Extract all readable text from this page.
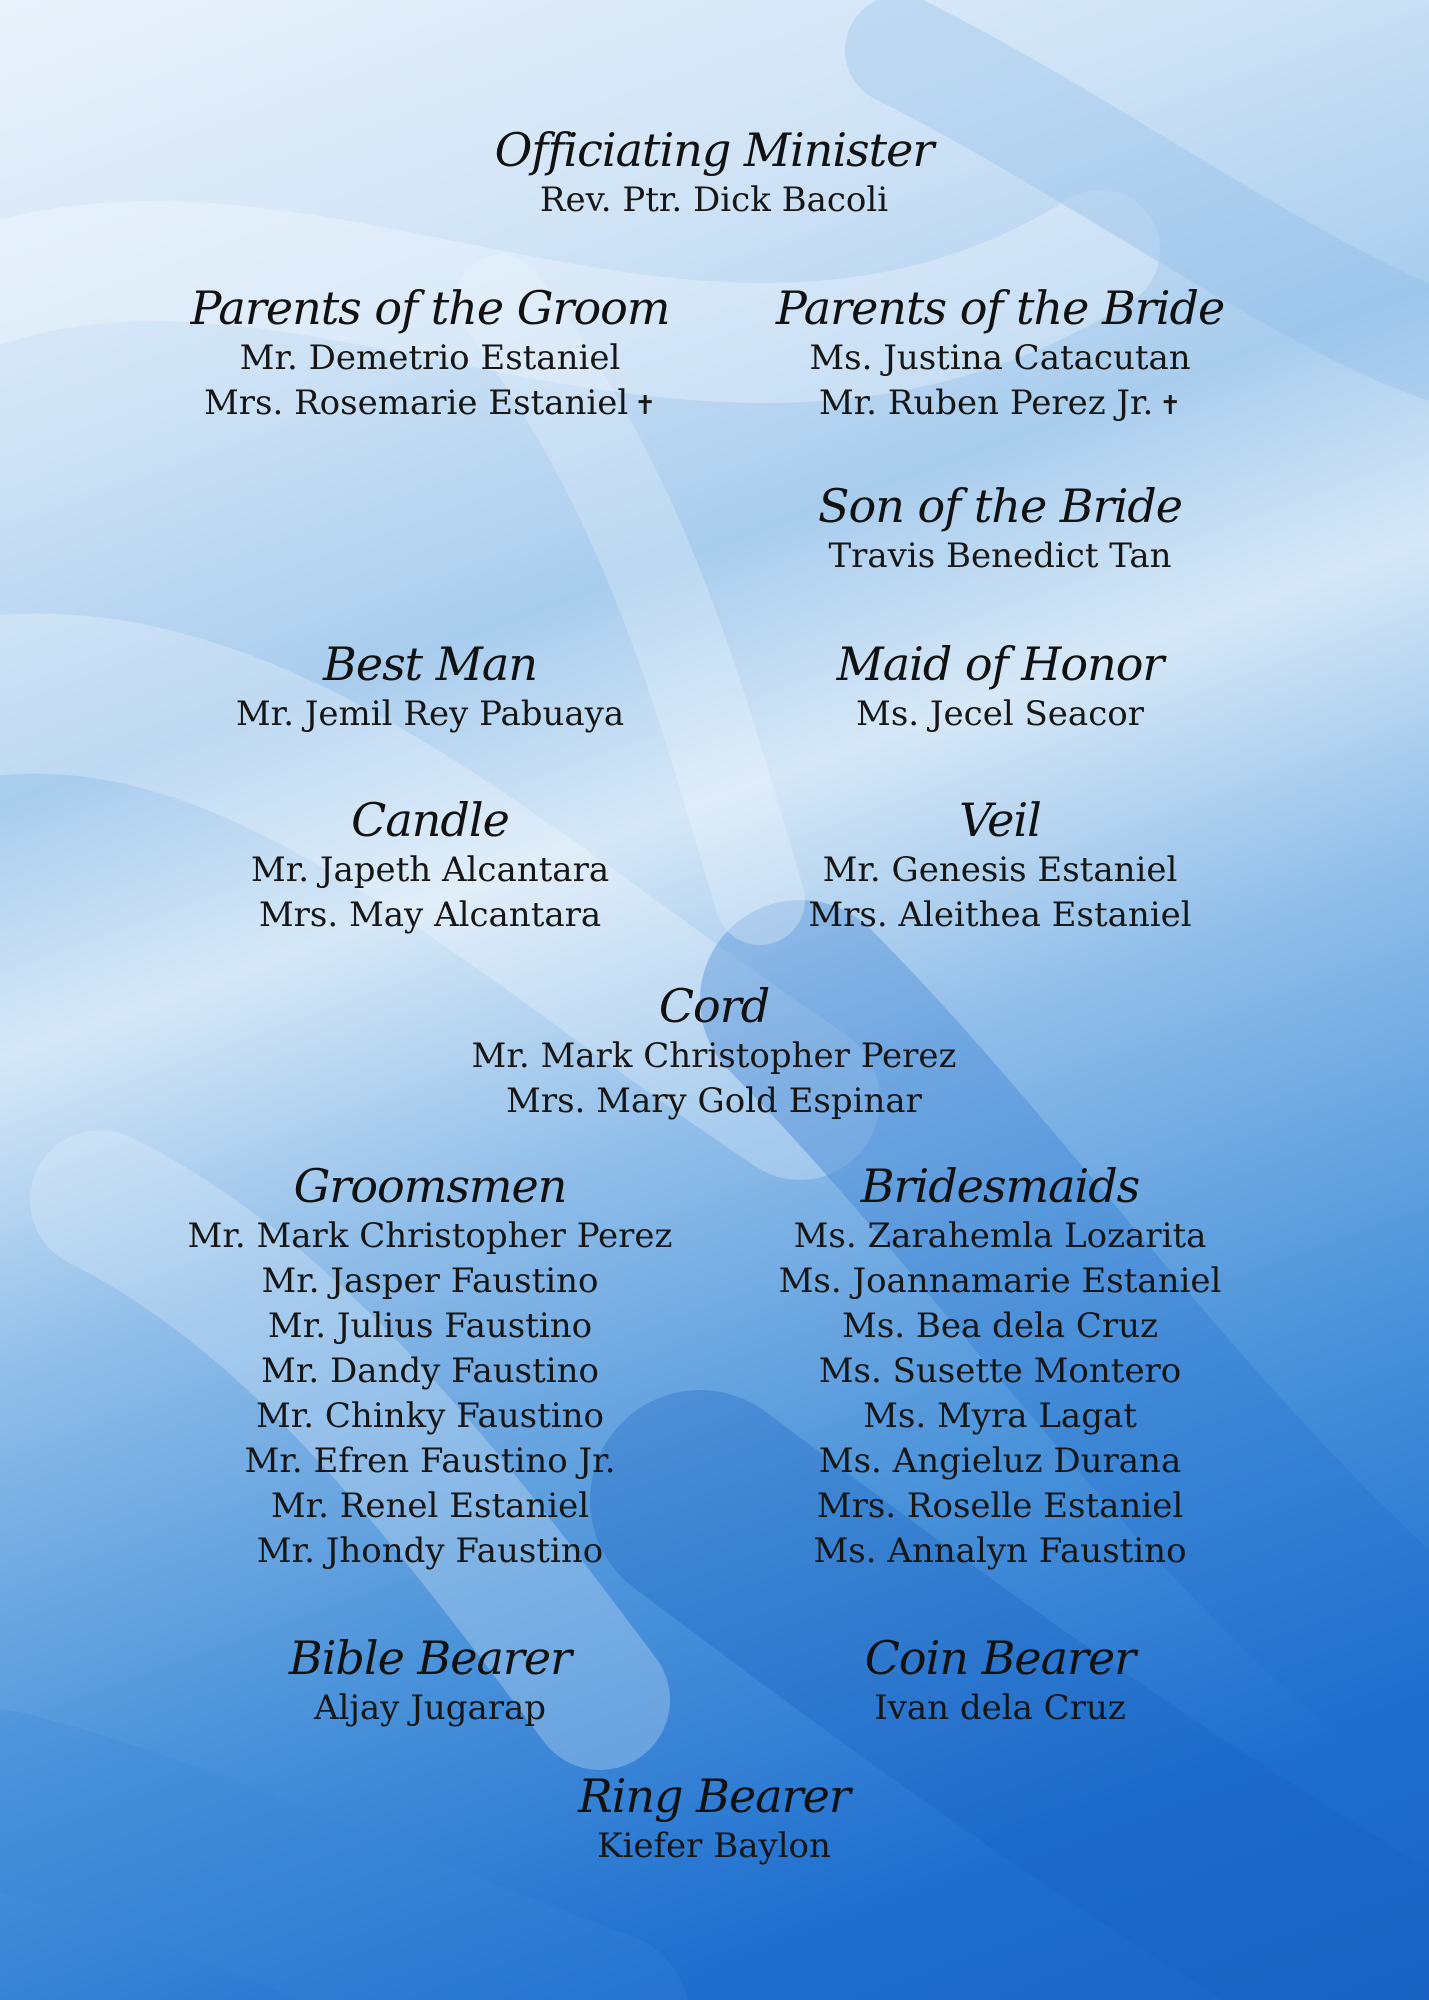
Officiating Minister

Rev. Ptr. Dick Bacoli

Parents of the Groom

Mr. Demetrio Estaniel

Mrs. Rosemarie Estaniel ✝

Parents of the Bride

Ms. Justina Catacutan

Mr. Ruben Perez Jr. ✝

Son of the Bride

Travis Benedict Tan

Best Man

Mr. Jemil Rey Pabuaya

Maid of Honor

Ms. Jecel Seacor

Candle

Mr. Japeth Alcantara

Mrs. May Alcantara

Veil

Mr. Genesis Estaniel

Mrs. Aleithea Estaniel

Cord

Mr. Mark Christopher Perez

Mrs. Mary Gold Espinar

Groomsmen

Mr. Mark Christopher Perez

Mr. Jasper Faustino

Mr. Julius Faustino

Mr. Dandy Faustino

Mr. Chinky Faustino

Mr. Efren Faustino Jr.

Mr. Renel Estaniel

Mr. Jhondy Faustino

Bridesmaids

Ms. Zarahemla Lozarita

Ms. Joannamarie Estaniel

Ms. Bea dela Cruz

Ms. Susette Montero

Ms. Myra Lagat

Ms. Angieluz Durana

Mrs. Roselle Estaniel

Ms. Annalyn Faustino

Bible Bearer

Aljay Jugarap

Coin Bearer

Ivan dela Cruz

Ring Bearer

Kiefer Baylon
